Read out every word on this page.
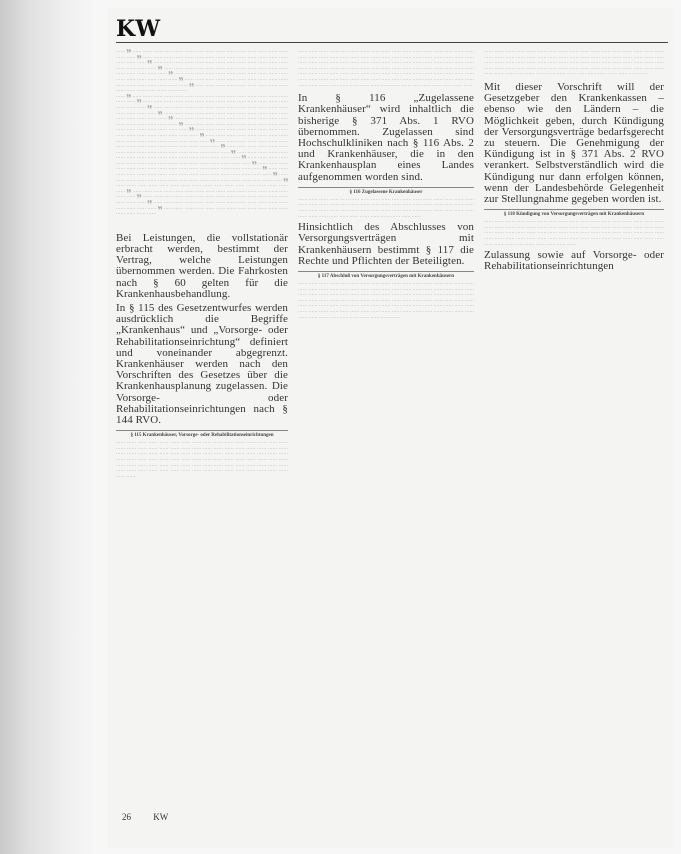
KW
…… §§ …… …… …… …… …… …… …… …… …… …… …… …… …… …… …… …… …… §§ …… …… …… …… …… …… …… …… …… …… …… …… …… …… …… …… …… §§ …… …… …… …… …… …… …… …… …… …… …… …… …… …… …… …… …… §§ …… …… …… …… …… …… …… …… …… …… …… …… …… …… …… …… …… §§ …… …… …… …… …… …… …… …… …… …… …… …… …… …… …… …… …… §§ …… …… …… …… …… …… …… …… …… …… …… …… …… …… …… …… …… §§ …… …… …… …… …… …… …… …… …… …… …… …… …… …… …… ……
…… §§ …… …… …… …… …… …… …… …… …… …… …… …… …… …… …… …… …… §§ …… …… …… …… …… …… …… …… …… …… …… …… …… …… …… …… …… §§ …… …… …… …… …… …… …… …… …… …… …… …… …… …… …… …… …… §§ …… …… …… …… …… …… …… …… …… …… …… …… …… …… …… …… …… §§ …… …… …… …… …… …… …… …… …… …… …… …… …… …… …… …… …… §§ …… …… …… …… …… …… …… …… …… …… …… …… …… …… …… …… …… §§ …… …… …… …… …… …… …… …… …… …… …… …… …… …… …… …… …… §§ …… …… …… …… …… …… …… …… …… …… …… …… …… …… …… …… …… §§ …… …… …… …… …… …… …… …… …… …… …… …… …… …… …… …… …… §§ …… …… …… …… …… …… …… …… …… …… …… …… …… …… …… …… …… §§ …… …… …… …… …… …… …… …… …… …… …… …… …… …… …… …… …… §§ …… …… …… …… …… …… …… …… …… …… …… …… …… …… …… …… …… §§ …… …… …… …… …… …… …… …… …… …… …… …… …… …… …… …… …… §§ …… …… …… …… …… …… …… …… …… …… …… …… …… …… …… …… …… §§ …… …… …… …… …… …… …… …… …… …… …… …… …… …… …… …… …… §§ …… …… …… …… …… …… …… …… …… …… …… …… …… …… …… …… …… §§ …… …… …… …… …… …… …… …… …… …… …… …… …… …… …… …… …… §§ …… …… …… …… …… …… …… …… …… …… …… …… …… …… …… …… …… §§ …… …… …… …… …… …… …… …… …… …… …… …… …… …… …… …… …… §§ …… …… …… …… …… …… …… …… …… …… …… …… …… …… …… ……

Bei Leistungen, die vollstationär erbracht werden, bestimmt der Vertrag, welche Leistungen übernommen werden. Die Fahrkosten nach § 60 gelten für die Krankenhausbehandlung.

In § 115 des Gesetzentwurfes werden ausdrücklich die Begriffe „Krankenhaus“ und „Vorsorge- oder Rehabilitationseinrichtung“ definiert und voneinander abgegrenzt. Krankenhäuser werden nach den Vorschriften des Gesetzes über die Krankenhausplanung zugelassen. Die Vorsorge- oder Rehabilitationseinrichtungen nach § 144 RVO.

§ 115 Krankenhäuser, Vorsorge- oder Rehabilitationseinrichtungen
…… …… …… …… …… …… …… …… …… …… …… …… …… …… …… …… …… …… …… …… …… …… …… …… …… …… …… …… …… …… …… …… …… …… …… …… …… …… …… …… …… …… …… …… …… …… …… …… …… …… …… …… …… …… …… …… …… …… …… …… …… …… …… …… …… …… …… …… …… …… …… …… …… …… …… …… …… …… …… …… …… …… …… …… …… …… …… …… …… …… …… …… …… …… …… …… …… ……
…… …… …… …… …… …… …… …… …… …… …… …… …… …… …… …… …… …… …… …… …… …… …… …… …… …… …… …… …… …… …… …… …… …… …… …… …… …… …… …… …… …… …… …… …… …… …… …… …… …… …… …… …… …… …… …… …… …… …… …… …… …… …… …… …… …… …… …… …… …… …… …… …… …… …… …… …… …… …… …… …… …… …… …… …… …… …… …… …… …… …… …… …… …… …… …… …… …… …… …… …… …… …… …… …… …… …… …… …… …… …… …… …… …… …… …… …… …… ……

In § 116 „Zugelassene Krankenhäuser“ wird inhaltlich die bisherige § 371 Abs. 1 RVO übernommen. Zugelassen sind Hochschulkliniken nach § 116 Abs. 2 und Krankenhäuser, die in den Krankenhausplan eines Landes aufgenommen worden sind.

§ 116 Zugelassene Krankenhäuser
…… …… …… …… …… …… …… …… …… …… …… …… …… …… …… …… …… …… …… …… …… …… …… …… …… …… …… …… …… …… …… …… …… …… …… …… …… …… …… …… …… …… …… …… …… …… …… …… …… …… …… …… …… …… …… …… …… …… …… …… …… …… ……

Hinsichtlich des Abschlusses von Versorgungsverträgen mit Krankenhäusern bestimmt § 117 die Rechte und Pflichten der Beteiligten.

§ 117 Abschluß von Versorgungsverträgen mit Krankenhäusern
…… …… …… …… …… …… …… …… …… …… …… …… …… …… …… …… …… …… …… …… …… …… …… …… …… …… …… …… …… …… …… …… …… …… …… …… …… …… …… …… …… …… …… …… …… …… …… …… …… …… …… …… …… …… …… …… …… …… …… …… …… …… …… …… …… …… …… …… …… …… …… …… …… …… …… …… …… …… …… …… …… …… …… …… …… …… …… …… …… …… …… …… …… …… …… …… …… …… …… …… …… …… …… …… …… …… …… …… …… …… …… ……
…… …… …… …… …… …… …… …… …… …… …… …… …… …… …… …… …… …… …… …… …… …… …… …… …… …… …… …… …… …… …… …… …… …… …… …… …… …… …… …… …… …… …… …… …… …… …… …… …… …… …… …… …… …… …… …… …… …… …… …… …… …… …… …… …… …… …… …… …… …… …… …… …… …… …… …… …… …… …… …… …… …… …… ……

Mit dieser Vorschrift will der Gesetzgeber den Krankenkassen – ebenso wie den Ländern – die Möglichkeit geben, durch Kündigung der Versorgungsverträge bedarfsgerecht zu steuern. Die Genehmigung der Kündigung ist in § 371 Abs. 2 RVO verankert. Selbstverständlich wird die Kündigung nur dann erfolgen können, wenn der Landesbehörde Gelegenheit zur Stellungnahme gegeben worden ist.

§ 118 Kündigung von Versorgungsverträgen mit Krankenhäusern
…… …… …… …… …… …… …… …… …… …… …… …… …… …… …… …… …… …… …… …… …… …… …… …… …… …… …… …… …… …… …… …… …… …… …… …… …… …… …… …… …… …… …… …… …… …… …… …… …… …… …… …… …… …… …… …… …… …… …… …… …… …… …… …… …… …… …… …… …… …… …… …… …… …… …… …… ……

Zulassung sowie auf Vorsorge- oder Rehabilitationseinrichtungen

26 KW
